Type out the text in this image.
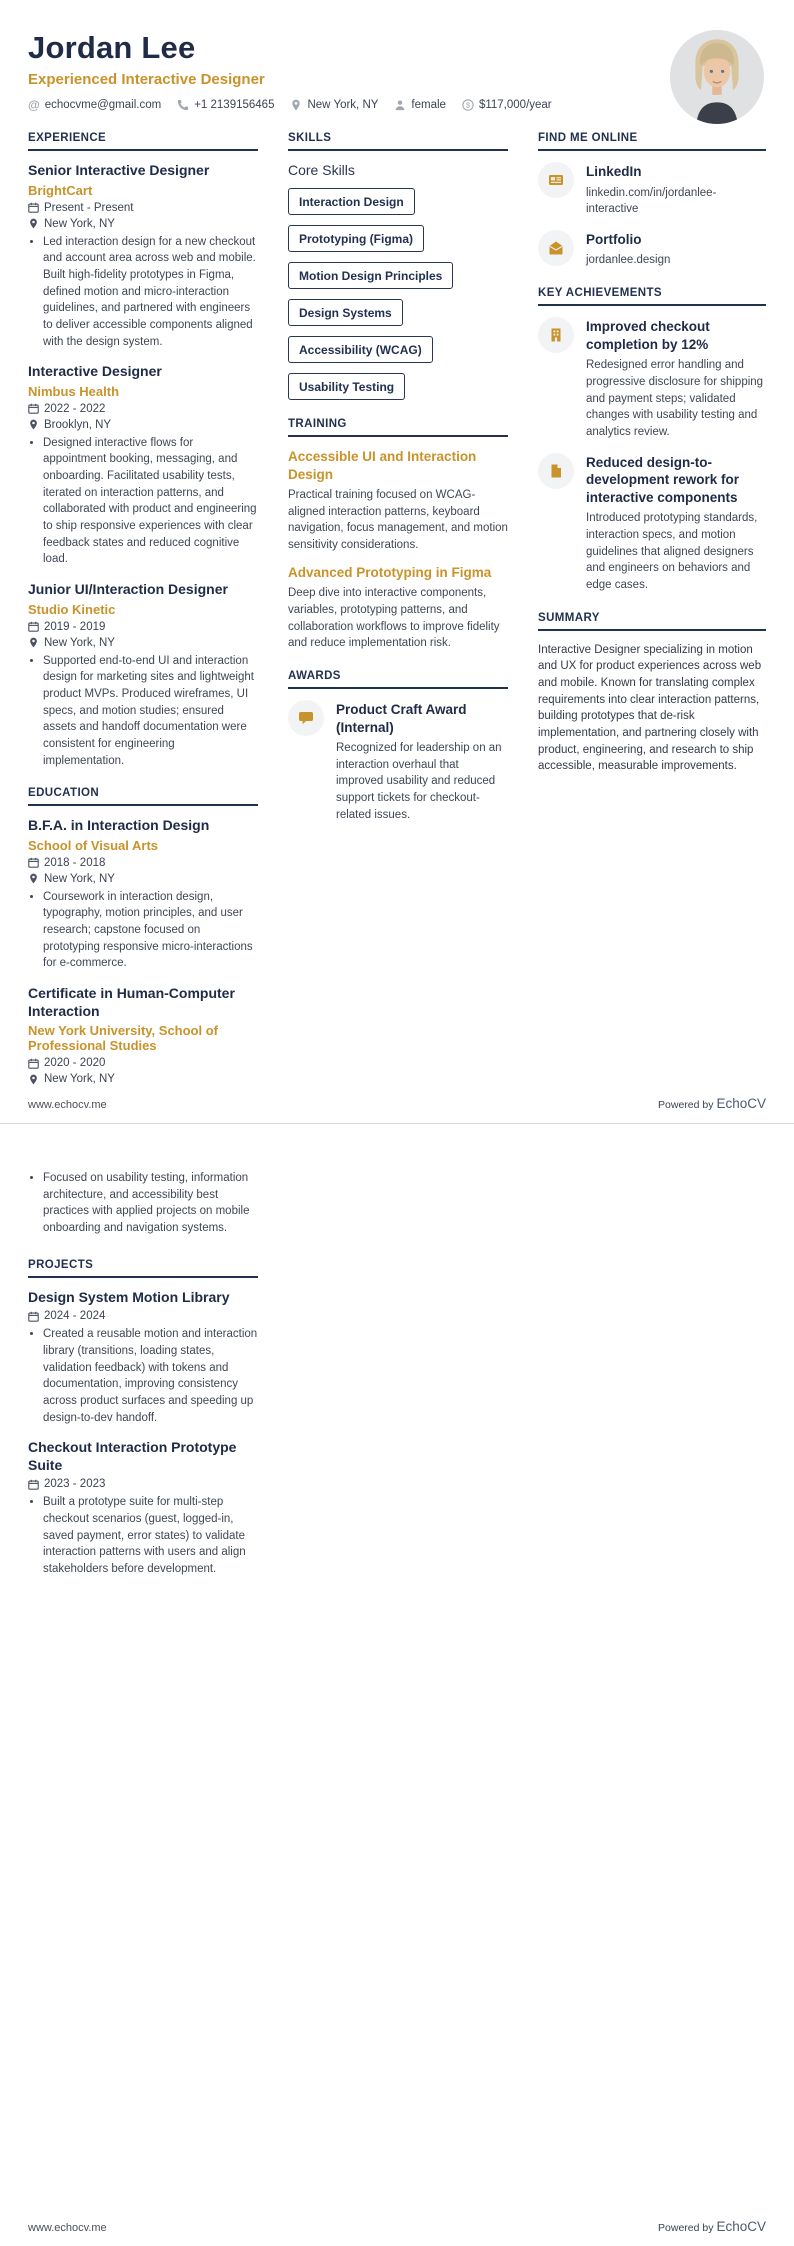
Jordan Lee
Experienced Interactive Designer
@ echocvme@gmail.com	+1 2139156465	New York, NY	female $ $117,000/year
EXPERIENCE
Senior Interactive Designer
BrightCart
Present - Present
New York, NY
• Led interaction design for a new checkout and account area across web and mobile. Built high-fidelity prototypes in Figma, defined motion and micro-interaction guidelines, and partnered with engineers to deliver accessible components aligned with the design system.
Interactive Designer
Nimbus Health
2022 - 2022
Brooklyn, NY
• Designed interactive flows for appointment booking, messaging, and onboarding. Facilitated usability tests, iterated on interaction patterns, and collaborated with product and engineering to ship responsive experiences with clear feedback states and reduced cognitive load.
Junior UI/Interaction Designer
Studio Kinetic
2019 - 2019
New York, NY
• Supported end-to-end UI and interaction design for marketing sites and lightweight product MVPs. Produced wireframes, UI specs, and motion studies; ensured assets and handoff documentation were consistent for engineering implementation.
EDUCATION
B.F.A. in Interaction Design
School of Visual Arts
2018 - 2018
New York, NY
• Coursework in interaction design, typography, motion principles, and user research; capstone focused on prototyping responsive micro-interactions for e-commerce.
Certificate in Human-Computer Interaction
New York University, School of Professional Studies
2020 - 2020
New York, NY
SKILLS
Core Skills
Interaction Design
Prototyping (Figma)
Motion Design Principles
Design Systems
Accessibility (WCAG)
Usability Testing
TRAINING
Accessible UI and Interaction Design
Practical training focused on WCAG-aligned interaction patterns, keyboard navigation, focus management, and motion sensitivity considerations.
Advanced Prototyping in Figma
Deep dive into interactive components, variables, prototyping patterns, and collaboration workflows to improve fidelity and reduce implementation risk.
AWARDS
Product Craft Award (Internal)
Recognized for leadership on an interaction overhaul that improved usability and reduced support tickets for checkout-related issues.
FIND ME ONLINE
LinkedIn
linkedin.com/in/jordanlee-interactive
Portfolio
jordanlee.design
KEY ACHIEVEMENTS
Improved checkout completion by 12%
Redesigned error handling and progressive disclosure for shipping and payment steps; validated changes with usability testing and analytics review.
Reduced design-to-development rework for interactive components
Introduced prototyping standards, interaction specs, and motion guidelines that aligned designers and engineers on behaviors and edge cases.
SUMMARY
Interactive Designer specializing in motion and UX for product experiences across web and mobile. Known for translating complex requirements into clear interaction patterns, building prototypes that de-risk implementation, and partnering closely with product, engineering, and research to ship accessible, measurable improvements.
www.echocv.me	Powered by EchoCV
• Focused on usability testing, information architecture, and accessibility best practices with applied projects on mobile onboarding and navigation systems.
PROJECTS
Design System Motion Library
2024 - 2024
• Created a reusable motion and interaction library (transitions, loading states, validation feedback) with tokens and documentation, improving consistency across product surfaces and speeding up design-to-dev handoff.
Checkout Interaction Prototype Suite
2023 - 2023
• Built a prototype suite for multi-step checkout scenarios (guest, logged-in, saved payment, error states) to validate interaction patterns with users and align stakeholders before development.
www.echocv.me	Powered by EchoCV
